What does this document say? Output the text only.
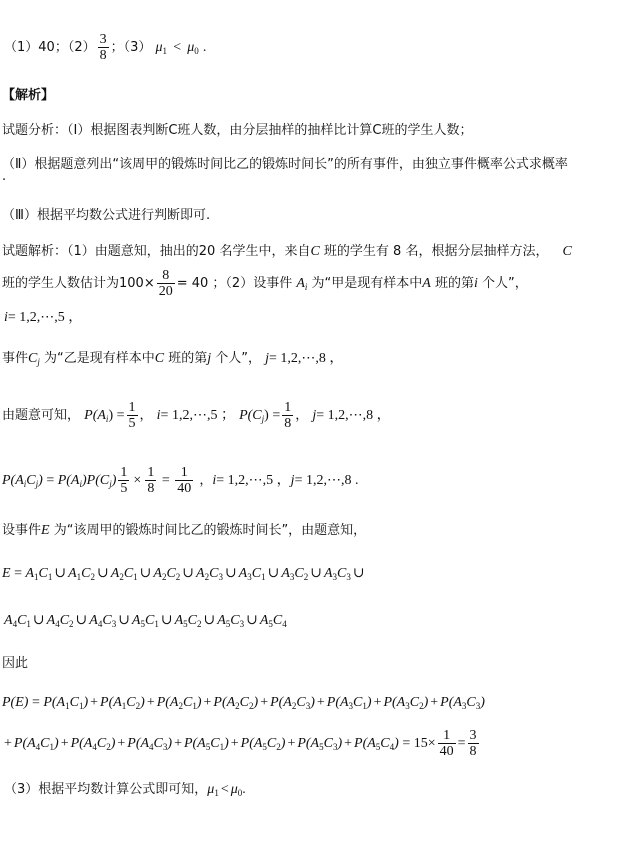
（1）40；$(2) \frac{3}{8}$ ；（3） $\mu_1 < \mu_0$ .
【解析】
试题分析：（Ⅰ）根据图表判断C班人数，由分层抽样的抽样比计算C班的学生人数；
（Ⅱ）根据题意列出“该周甲的锻炼时间比乙的锻炼时间长”的所有事件，由独立事件概率公式求概率
.
（Ⅲ）根据平均数公式进行判断即可.
试题解析：（1）由题意知，抽出的20 名学生中，来自C 班的学生有 8 名，根据分层抽样方法， C
班的学生人数估计为$100\times \frac{8}{20} = 40$ ；（2）设事件 $A_i$ 为“甲是现有样本中A 班的第i 个人”，
i= 1,2,⋯,5 ，
事件$C_j$ 为“乙是现有样本中C 班的第j 个人”， j= 1,2,⋯,8 ，
由题意可知， $P(A_i) = \frac{1}{5}$ ， i= 1,2,⋯,5 ； $P(C_j) = \frac{1}{8}$ ， j= 1,2,⋯,8 ，
$P(A_iC_j) = P(A_i)P(C_j) \frac{1}{5} \times \frac{1}{8} = \frac{1}{40}$ ，i= 1,2,⋯,5 ，j= 1,2,⋯,8 .
设事件E 为“该周甲的锻炼时间比乙的锻炼时间长”，由题意知，
$E = A_1C_1$ ∪ $A_1C_2$ ∪ $A_2C_1$ ∪ $A_2C_2$ ∪ $A_2C_3$ ∪ $A_3C_1$ ∪ $A_3C_2$ ∪ $A_3C_3$ ∪
$A_4C_1$ ∪ $A_4C_2$ ∪ $A_4C_3$ ∪ $A_5C_1$ ∪ $A_5C_2$ ∪ $A_5C_3$ ∪ $A_5C_4$
因此
$P(E) = P(A_1C_1) + P(A_1C_2) + P(A_2C_1) + P(A_2C_2) + P(A_2C_3) + P(A_3C_1) + P(A_3C_2) + P(A_3C_3)$
+ $P(A_4C_1) + P(A_4C_2) + P(A_4C_3) + P(A_5C_1) + P(A_5C_2) + P(A_5C_3) + P(A_5C_4) = 15\times \frac{1}{40} = \frac{3}{8}$
（3）根据平均数计算公式即可知，$\mu_1 < \mu_0$.
